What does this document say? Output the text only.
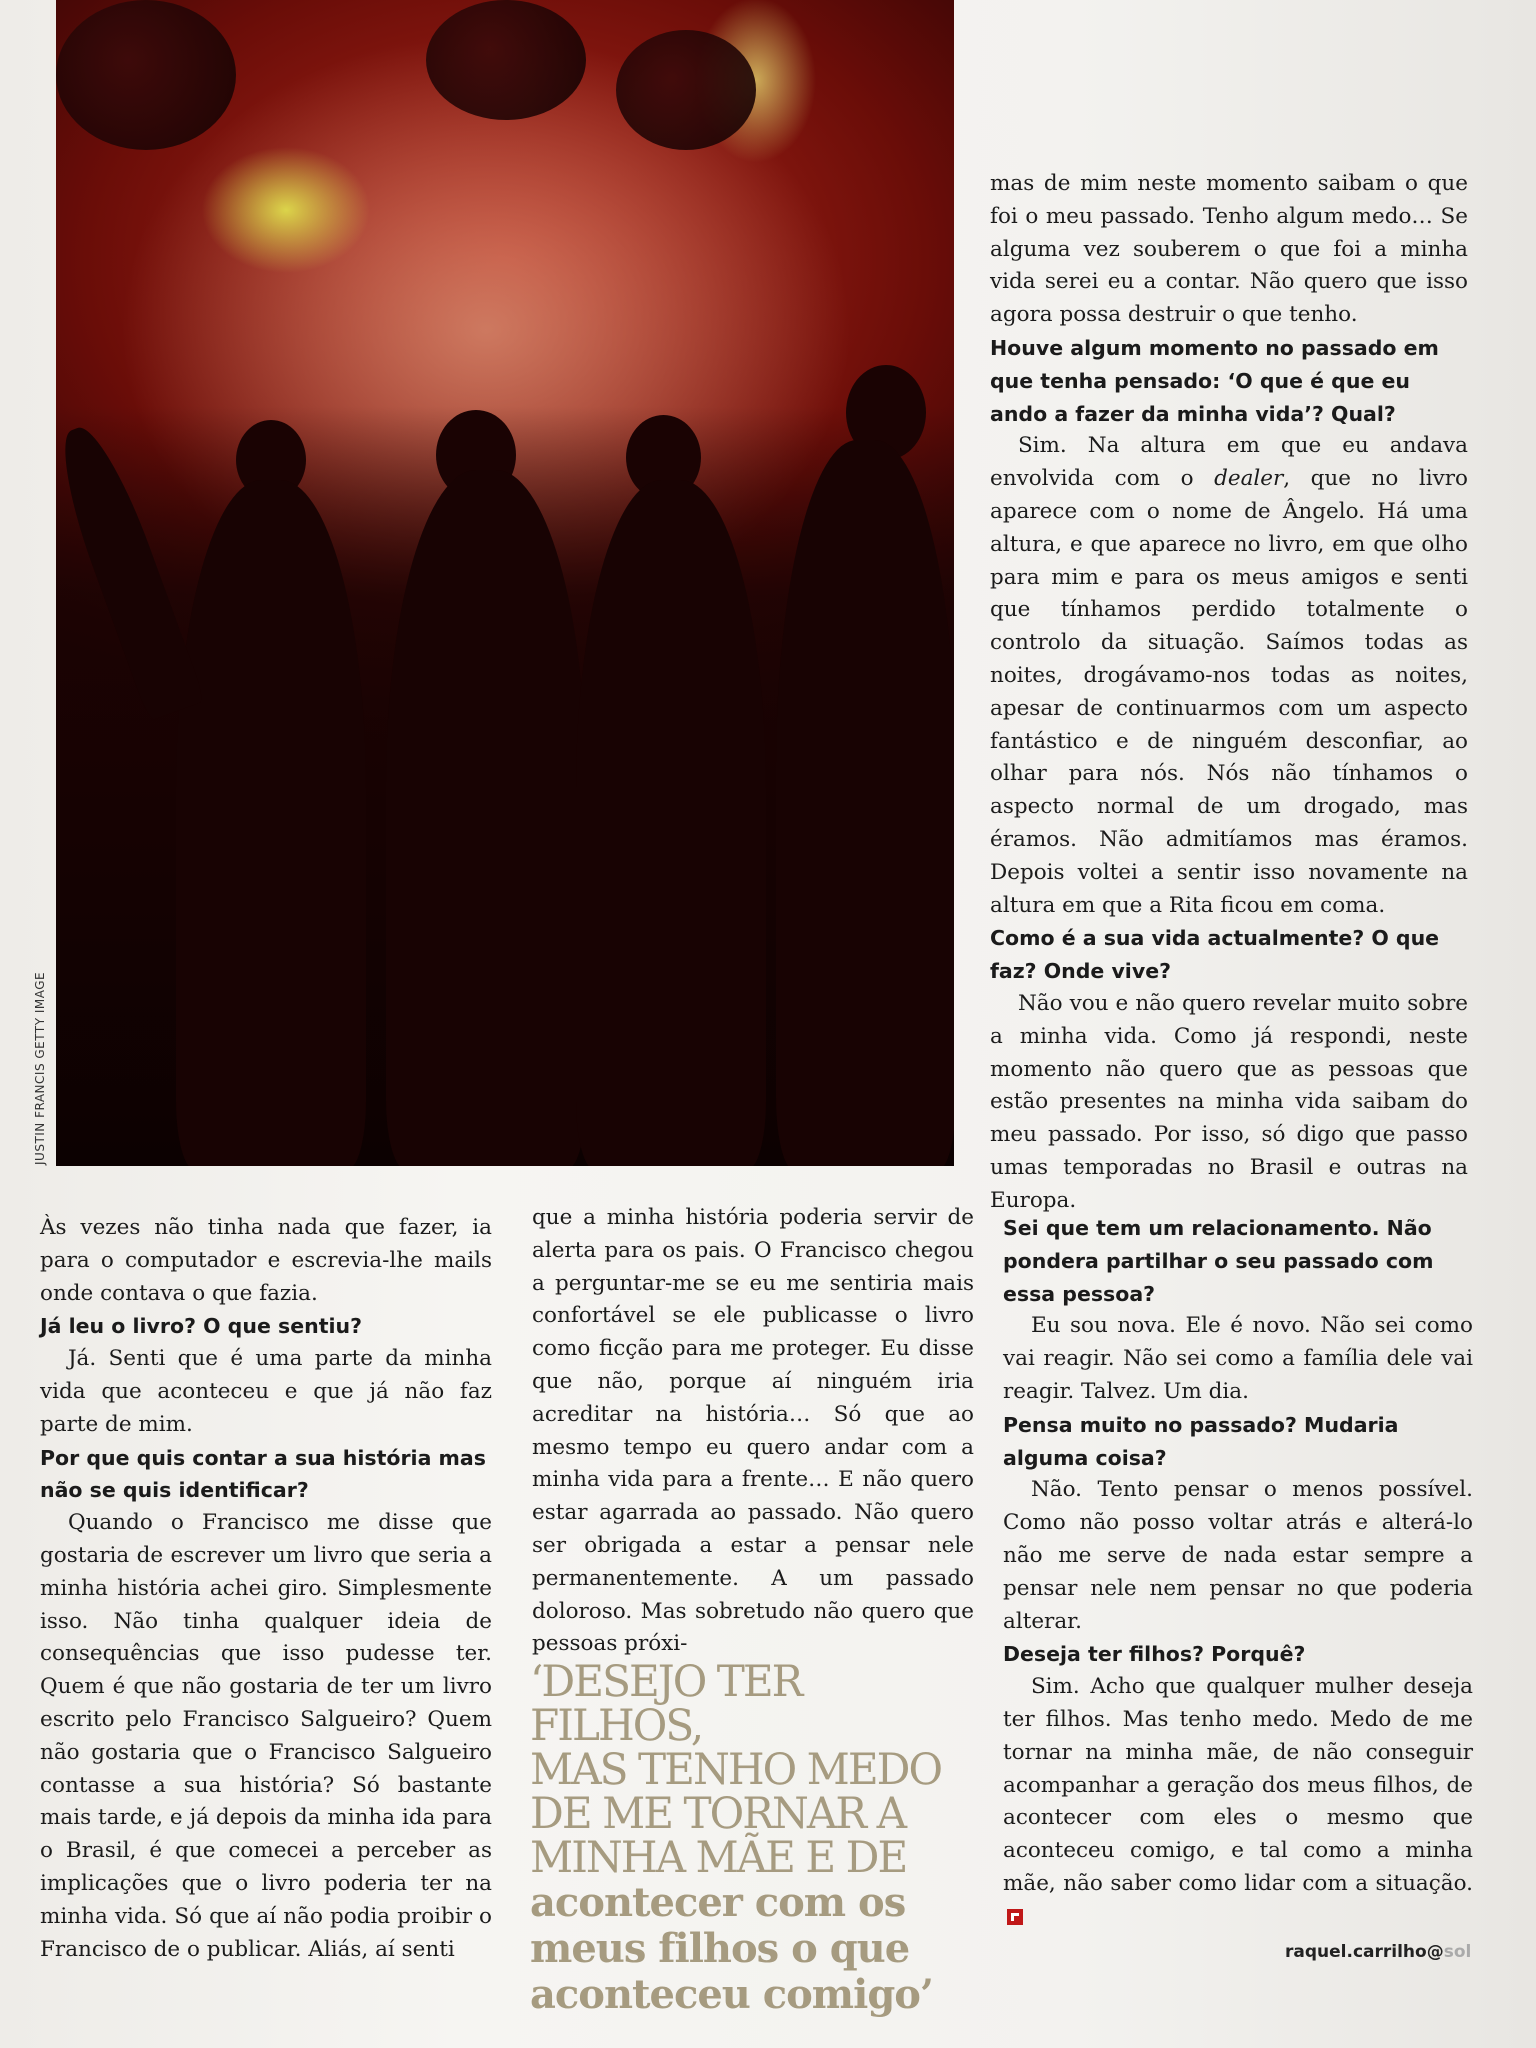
JUSTIN FRANCIS GETTY IMAGE

Às vezes não tinha nada que fazer, ia para o computador e escrevia-lhe mails onde contava o que fazia.

Já leu o livro? O que sentiu?

Já. Senti que é uma parte da minha vida que aconteceu e que já não faz parte de mim.

Por que quis contar a sua história mas não se quis identificar?

Quando o Francisco me disse que gostaria de escrever um livro que seria a minha história achei giro. Simplesmente isso. Não tinha qualquer ideia de consequências que isso pudesse ter. Quem é que não gostaria de ter um livro escrito pelo Francisco Salgueiro? Quem não gostaria que o Francisco Salgueiro contasse a sua história? Só bastante mais tarde, e já depois da minha ida para o Brasil, é que comecei a perceber as implicações que o livro poderia ter na minha vida. Só que aí não podia proibir o Francisco de o publicar. Aliás, aí senti

que a minha história poderia servir de alerta para os pais. O Francisco chegou a perguntar-me se eu me sentiria mais confortável se ele publicasse o livro como ficção para me proteger. Eu disse que não, porque aí ninguém iria acreditar na história… Só que ao mesmo tempo eu quero andar com a minha vida para a frente… E não quero estar agarrada ao passado. Não quero ser obrigada a estar a pensar nele permanentemente. A um passado doloroso. Mas sobretudo não quero que pessoas próxi-

‘DESEJO TER FILHOS,
MAS TENHO MEDO
DE ME TORNAR A
MINHA MÃE E DE
acontecer com os
meus filhos o que
aconteceu comigo’

mas de mim neste momento saibam o que foi o meu passado. Tenho algum medo… Se alguma vez souberem o que foi a minha vida serei eu a contar. Não quero que isso agora possa destruir o que tenho.

Houve algum momento no passado em que tenha pensado: ‘O que é que eu ando a fazer da minha vida’? Qual?

Sim. Na altura em que eu andava envolvida com o dealer, que no livro aparece com o nome de Ângelo. Há uma altura, e que aparece no livro, em que olho para mim e para os meus amigos e senti que tínhamos perdido totalmente o controlo da situação. Saímos todas as noites, drogávamo-nos todas as noites, apesar de continuarmos com um aspecto fantástico e de ninguém desconfiar, ao olhar para nós. Nós não tínhamos o aspecto normal de um drogado, mas éramos. Não admitíamos mas éramos. Depois voltei a sentir isso novamente na altura em que a Rita ficou em coma.

Como é a sua vida actualmente? O que faz? Onde vive?

Não vou e não quero revelar muito sobre a minha vida. Como já respondi, neste momento não quero que as pessoas que estão presentes na minha vida saibam do meu passado. Por isso, só digo que passo umas temporadas no Brasil e outras na Europa.

Sei que tem um relacionamento. Não pondera partilhar o seu passado com essa pessoa?

Eu sou nova. Ele é novo. Não sei como vai reagir. Não sei como a família dele vai reagir. Talvez. Um dia.

Pensa muito no passado? Mudaria alguma coisa?

Não. Tento pensar o menos possível. Como não posso voltar atrás e alterá-lo não me serve de nada estar sempre a pensar nele nem pensar no que poderia alterar.

Deseja ter filhos? Porquê?

Sim. Acho que qualquer mulher deseja ter filhos. Mas tenho medo. Medo de me tornar na minha mãe, de não conseguir acompanhar a geração dos meus filhos, de acontecer com eles o mesmo que aconteceu comigo, e tal como a minha mãe, não saber como lidar com a situação.

raquel.carrilho@sol
